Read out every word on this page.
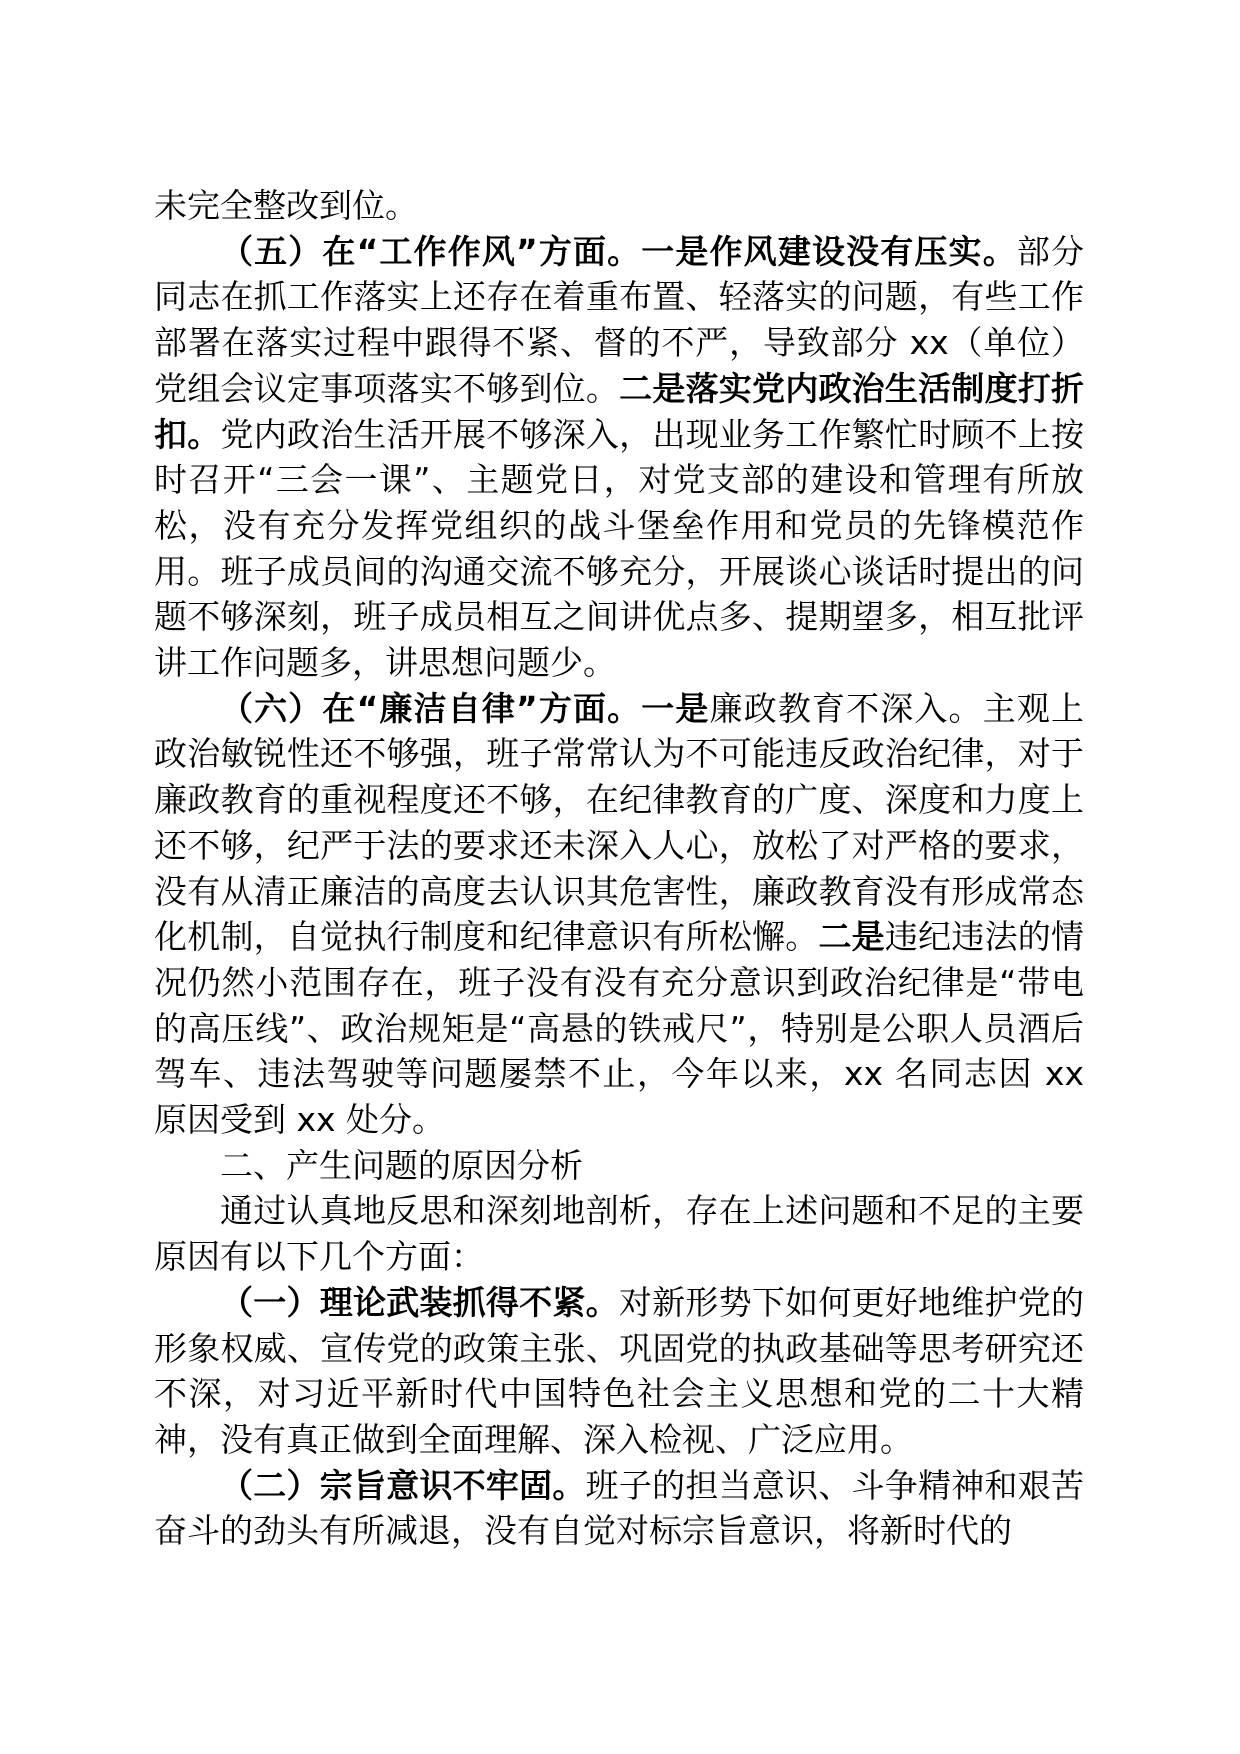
未完全整改到位。

（五）在“工作作风”方面。一是作风建设没有压实。部分同志在抓工作落实上还存在着重布置、轻落实的问题，有些工作部署在落实过程中跟得不紧、督的不严，导致部分 xx（单位）党组会议定事项落实不够到位。二是落实党内政治生活制度打折扣。党内政治生活开展不够深入，出现业务工作繁忙时顾不上按时召开“三会一课”、主题党日，对党支部的建设和管理有所放松，没有充分发挥党组织的战斗堡垒作用和党员的先锋模范作用。班子成员间的沟通交流不够充分，开展谈心谈话时提出的问题不够深刻，班子成员相互之间讲优点多、提期望多，相互批评讲工作问题多，讲思想问题少。

（六）在“廉洁自律”方面。一是廉政教育不深入。主观上政治敏锐性还不够强，班子常常认为不可能违反政治纪律，对于廉政教育的重视程度还不够，在纪律教育的广度、深度和力度上还不够，纪严于法的要求还未深入人心，放松了对严格的要求，没有从清正廉洁的高度去认识其危害性，廉政教育没有形成常态化机制，自觉执行制度和纪律意识有所松懈。二是违纪违法的情况仍然小范围存在，班子没有没有充分意识到政治纪律是“带电的高压线”、政治规矩是“高悬的铁戒尺”，特别是公职人员酒后驾车、违法驾驶等问题屡禁不止，今年以来，xx 名同志因 xx 原因受到 xx 处分。

二、产生问题的原因分析

通过认真地反思和深刻地剖析，存在上述问题和不足的主要原因有以下几个方面：

（一）理论武装抓得不紧。对新形势下如何更好地维护党的形象权威、宣传党的政策主张、巩固党的执政基础等思考研究还不深，对习近平新时代中国特色社会主义思想和党的二十大精神，没有真正做到全面理解、深入检视、广泛应用。

（二）宗旨意识不牢固。班子的担当意识、斗争精神和艰苦奋斗的劲头有所减退，没有自觉对标宗旨意识，将新时代的
